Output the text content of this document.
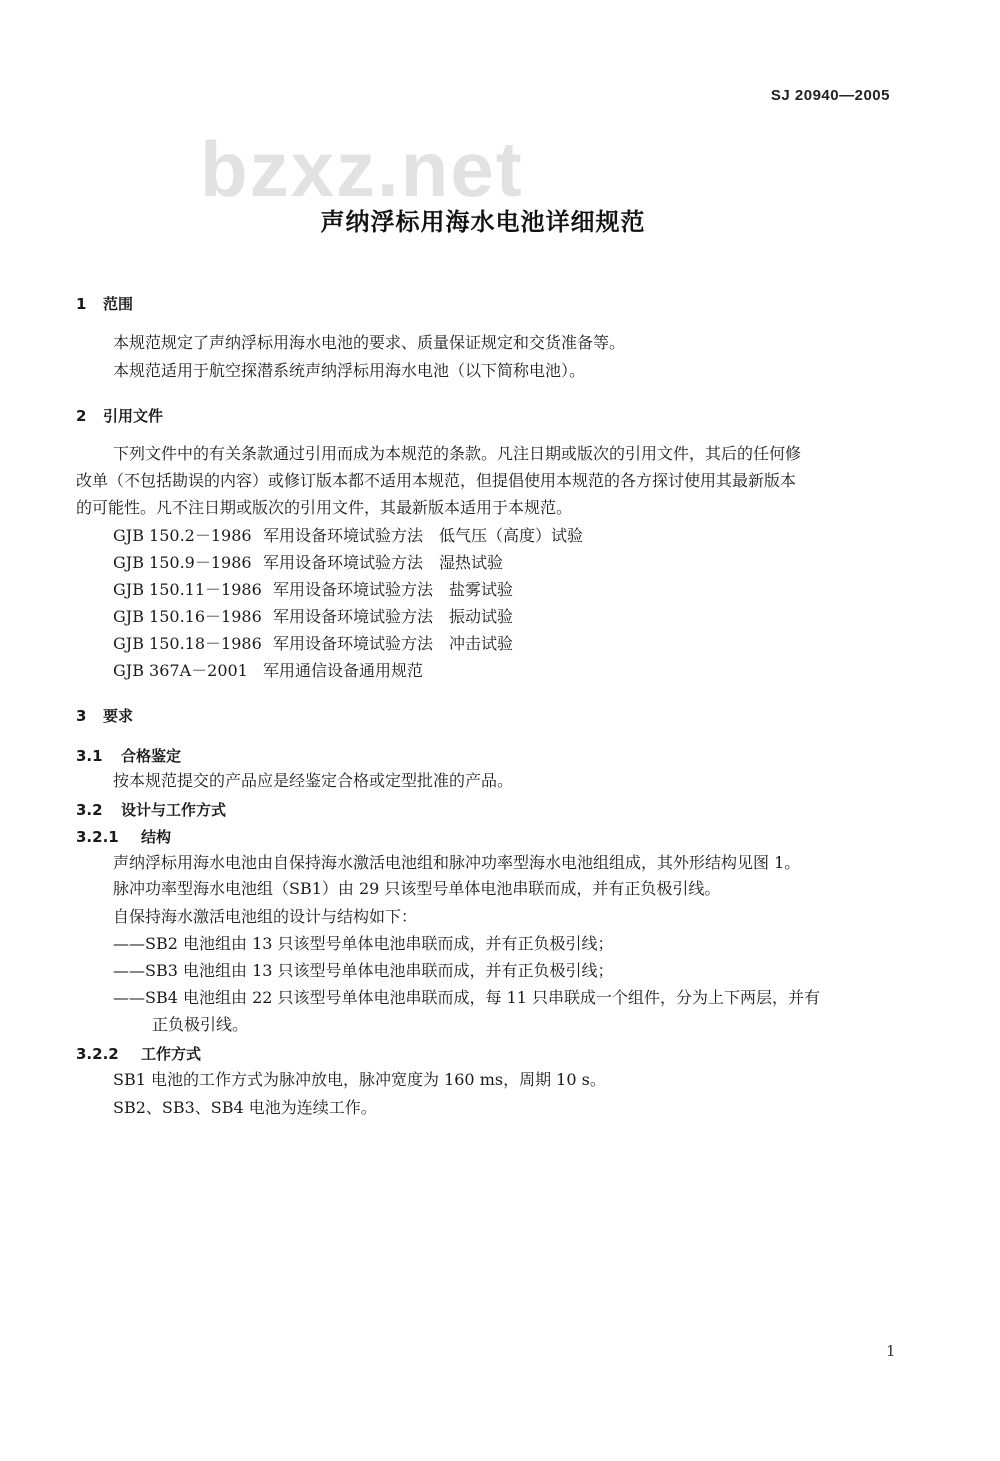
SJ 20940—2005
bzxz.net
声纳浮标用海水电池详细规范
1 范围
本规范规定了声纳浮标用海水电池的要求、质量保证规定和交货准备等。
本规范适用于航空探潜系统声纳浮标用海水电池（以下简称电池）。
2 引用文件
下列文件中的有关条款通过引用而成为本规范的条款。凡注日期或版次的引用文件，其后的任何修
改单（不包括勘误的内容）或修订版本都不适用本规范，但提倡使用本规范的各方探讨使用其最新版本
的可能性。凡不注日期或版次的引用文件，其最新版本适用于本规范。
GJB 150.2－1986 军用设备环境试验方法　低气压（高度）试验
GJB 150.9－1986 军用设备环境试验方法　湿热试验
GJB 150.11－1986 军用设备环境试验方法　盐雾试验
GJB 150.16－1986 军用设备环境试验方法　振动试验
GJB 150.18－1986 军用设备环境试验方法　冲击试验
GJB 367A－2001 军用通信设备通用规范
3 要求
3.1 合格鉴定
按本规范提交的产品应是经鉴定合格或定型批准的产品。
3.2 设计与工作方式
3.2.1 结构
声纳浮标用海水电池由自保持海水激活电池组和脉冲功率型海水电池组组成，其外形结构见图 1。
脉冲功率型海水电池组（SB1）由 29 只该型号单体电池串联而成，并有正负极引线。
自保持海水激活电池组的设计与结构如下：
——SB2 电池组由 13 只该型号单体电池串联而成，并有正负极引线；
——SB3 电池组由 13 只该型号单体电池串联而成，并有正负极引线；
——SB4 电池组由 22 只该型号单体电池串联而成，每 11 只串联成一个组件，分为上下两层，并有
正负极引线。
3.2.2 工作方式
SB1 电池的工作方式为脉冲放电，脉冲宽度为 160 ms，周期 10 s。
SB2、SB3、SB4 电池为连续工作。
1
